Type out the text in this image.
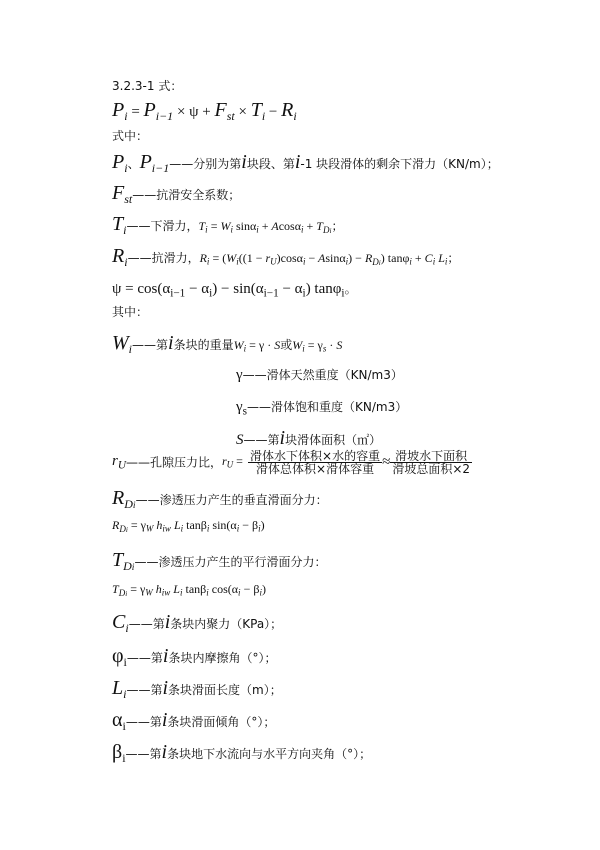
3.2.3-1 式：
$P_i = P_{i-1} \times \psi + F_{st} \times T_i - R_i$
式中：
$P_i$、$P_{i-1}——$分别为第i块段、第i-1 块段滑体的剩余下滑力（KN/m）；
$F_{st}——$抗滑安全系数；
$T_i——$下滑力，$T_i = W_i$ $\sin\alpha_i + Acos\alpha_i + T_{Di}$；
$R_i——$抗滑力，$R_i = (W_i((1 - r_U)\cos\alpha_i - Asin\alpha_i) - R_{Di}) \tan\varphi_i + C_i$ $L_i$；
$\psi = \cos(\alpha_{i-1} - \alpha_i) - \sin(\alpha_{i-1} - \alpha_i)$ tanφ$_i$。
其中：
$W_i——$第i条块的重量$W_i = \gamma \cdot S$或$W_i = \gamma_s \cdot S$
γ——滑体天然重度（KN/m3）
$\gamma_s——$滑体饱和重度（KN/m3）
S——第i块滑体面积（㎡）
$r_U——$孔隙压力比，$r_U = \frac{\text{滑体水下体积×水的容重}}{\text{滑体总体积×滑体容重}} \approx \frac{\text{滑坡水下面积}}{\text{滑坡总面积×2}}$
$R_{Di}——$渗透压力产生的垂直滑面分力：
$R_{Di} = \gamma_W$ $h_{iw}$ $L_i$ tanβ$_i$ $\sin(\alpha_i - \beta_i)$
$T_{Di}——$渗透压力产生的平行滑面分力：
$T_{Di} = \gamma_W$ $h_{iw}$ $L_i$ tanβ$_i$ $\cos(\alpha_i - \beta_i)$
$C_i——$第i条块内聚力（KPa）；
$\varphi_i——$第i条块内摩擦角（°）；
$L_i——$第i条块滑面长度（m）；
$\alpha_i——$第i条块滑面倾角（°）；
$\beta_i——$第i条块地下水流向与水平方向夹角（°）；
